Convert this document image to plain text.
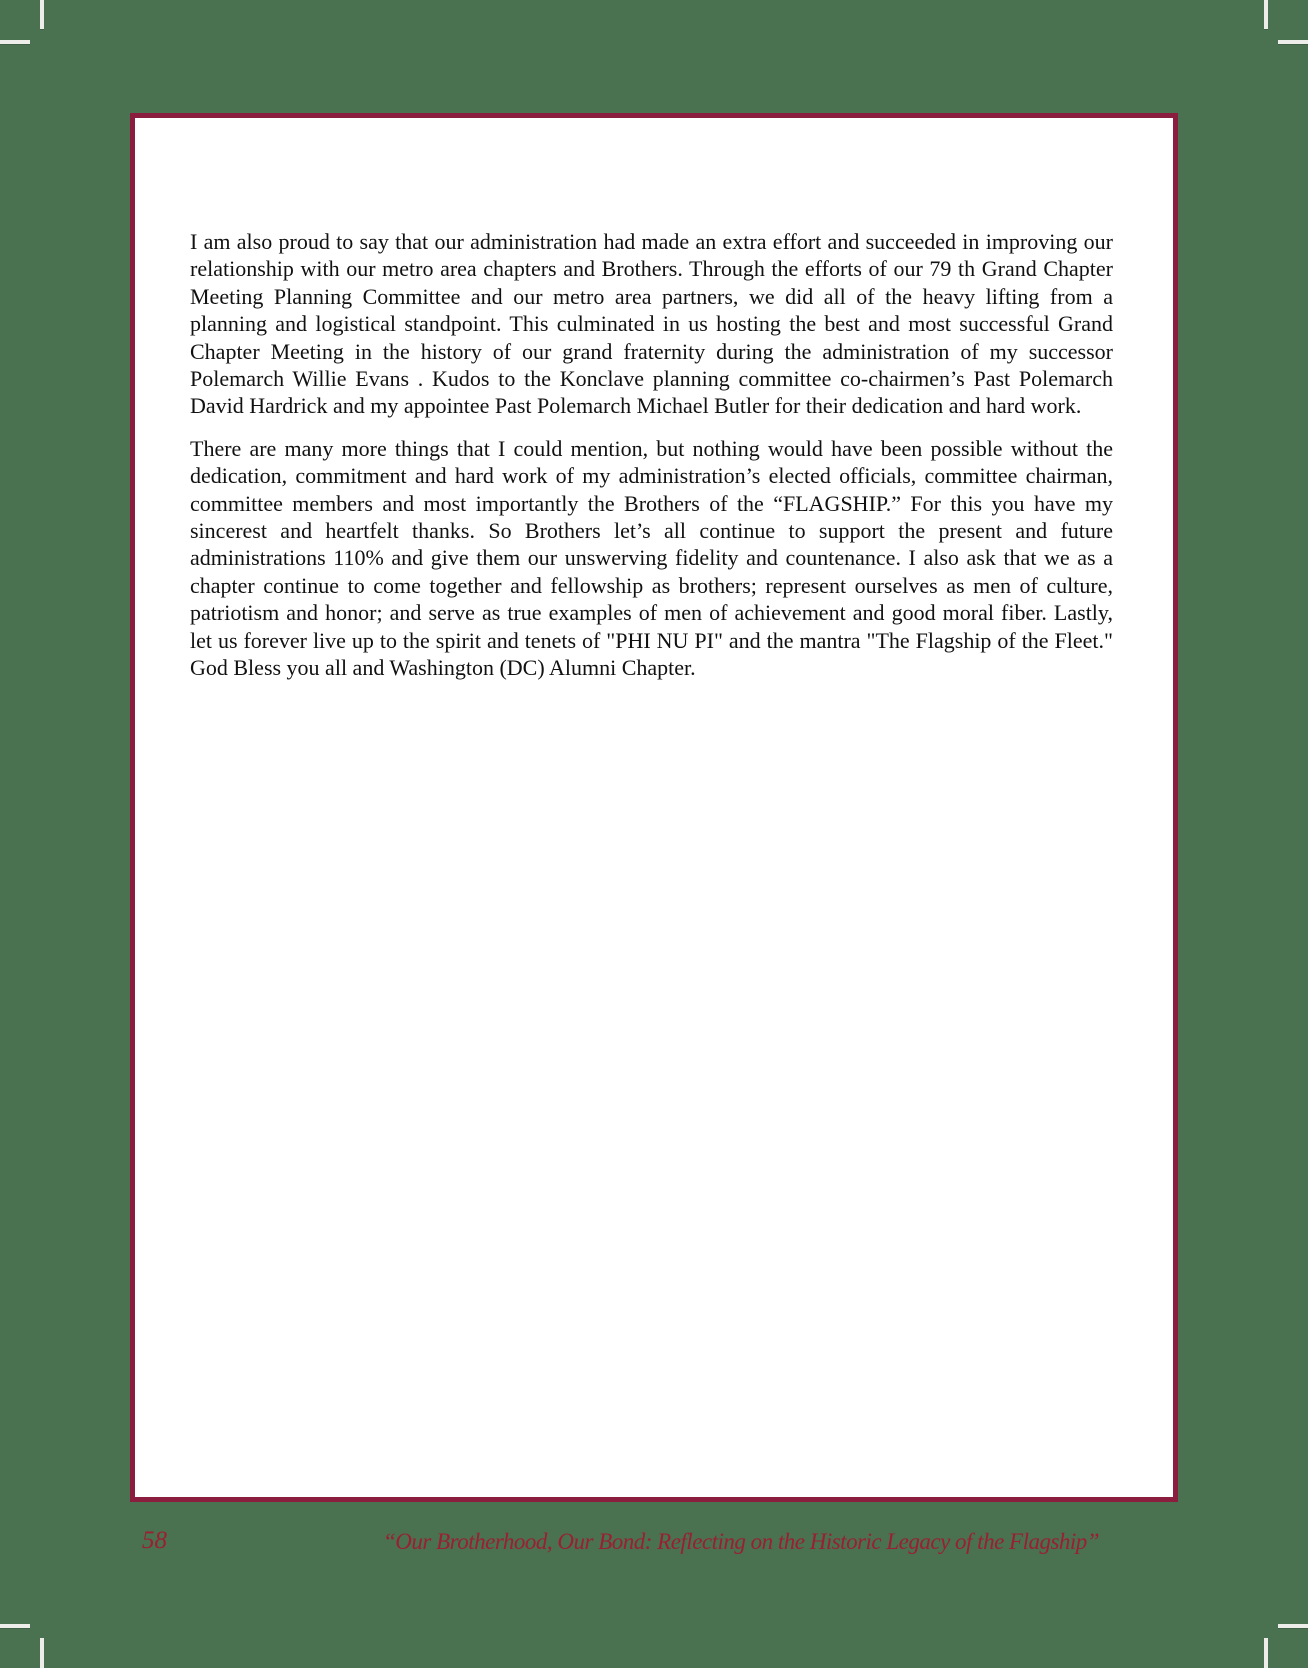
I am also proud to say that our administration had made an extra effort and succeeded in improving our relationship with our metro area chapters and Brothers. Through the efforts of our 79 th Grand Chapter Meeting Planning Committee and our metro area partners, we did all of the heavy lifting from a planning and logistical standpoint. This culminated in us hosting the best and most successful Grand Chapter Meeting in the history of our grand fraternity during the administration of my successor Polemarch Willie Evans . Kudos to the Konclave planning committee co-chairmen’s Past Polemarch David Hardrick and my appointee Past Polemarch Michael Butler for their dedication and hard work.

There are many more things that I could mention, but nothing would have been possible without the dedication, commitment and hard work of my administration’s elected officials, committee chairman, committee members and most importantly the Brothers of the “FLAGSHIP.” For this you have my sincerest and heartfelt thanks. So Brothers let’s all continue to support the present and future administrations 110% and give them our unswerving fidelity and countenance. I also ask that we as a chapter continue to come together and fellowship as brothers; represent ourselves as men of culture, patriotism and honor; and serve as true examples of men of achievement and good moral fiber. Lastly, let us forever live up to the spirit and tenets of "PHI NU PI" and the mantra "The Flagship of the Fleet." God Bless you all and Washington (DC) Alumni Chapter.

58	“Our Brotherhood, Our Bond: Reflecting on the Historic Legacy of the Flagship”
